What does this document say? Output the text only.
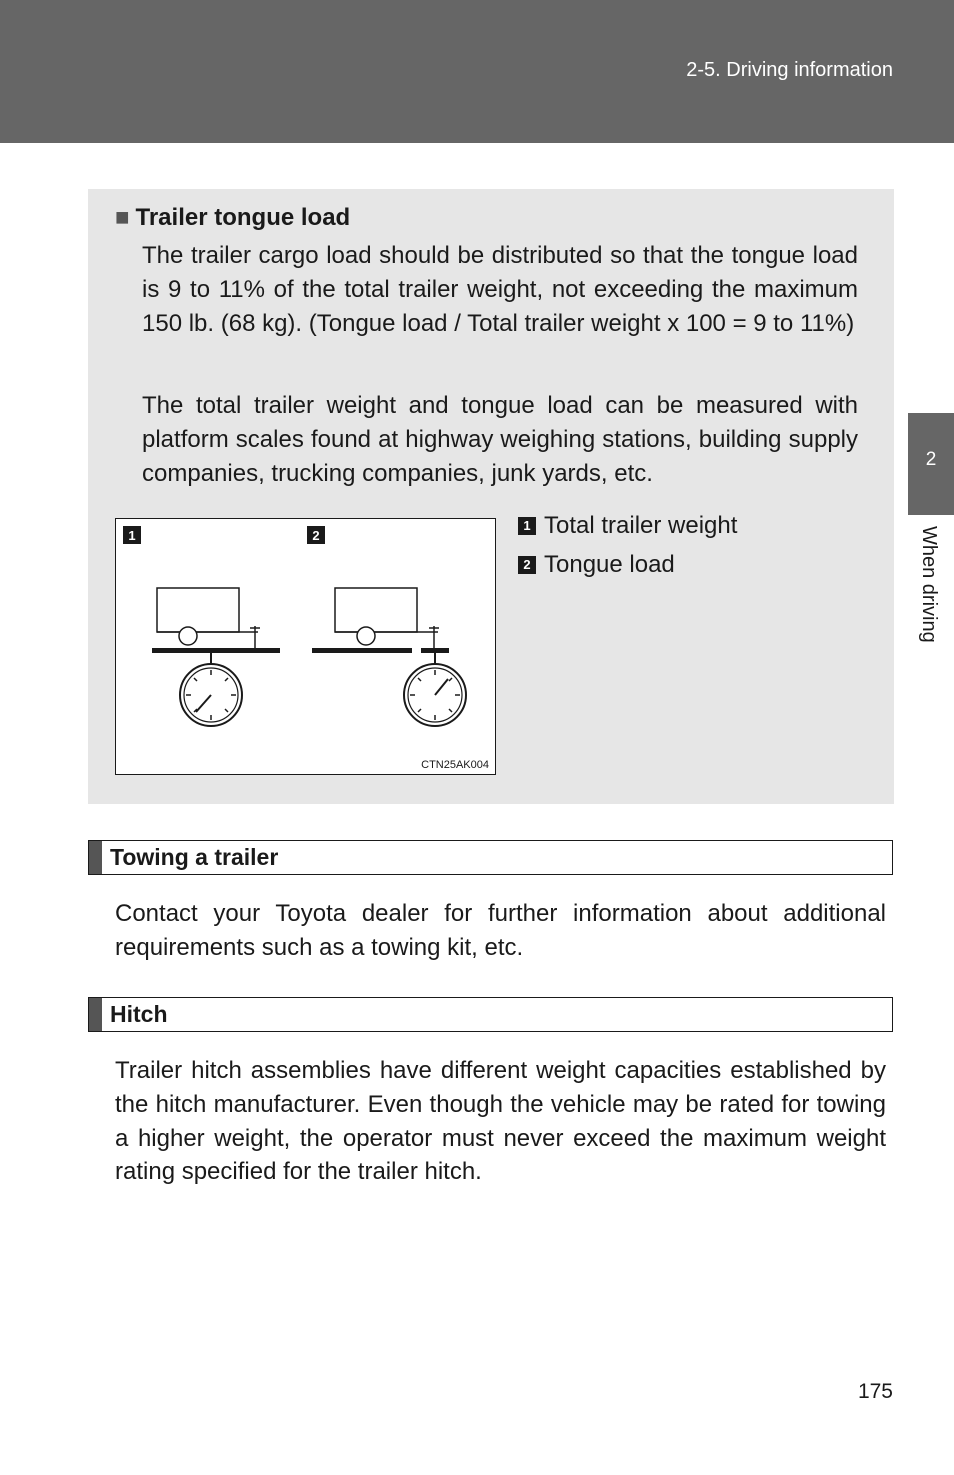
2-5. Driving information
2
When driving
■ Trailer tongue load
The trailer cargo load should be distributed so that the tongue load is 9 to 11% of the total trailer weight, not exceeding the maximum 150 lb. (68 kg). (Tongue load / Total trailer weight x 100 = 9 to 11%)
The total trailer weight and tongue load can be measured with platform scales found at highway weighing stations, building supply companies, trucking companies, junk yards, etc.
1	2
CTN25AK004
1 Total trailer weight
2 Tongue load
Towing a trailer
Contact your Toyota dealer for further information about additional requirements such as a towing kit, etc.
Hitch
Trailer hitch assemblies have different weight capacities established by the hitch manufacturer. Even though the vehicle may be rated for towing a higher weight, the operator must never exceed the maximum weight rating specified for the trailer hitch.
175
